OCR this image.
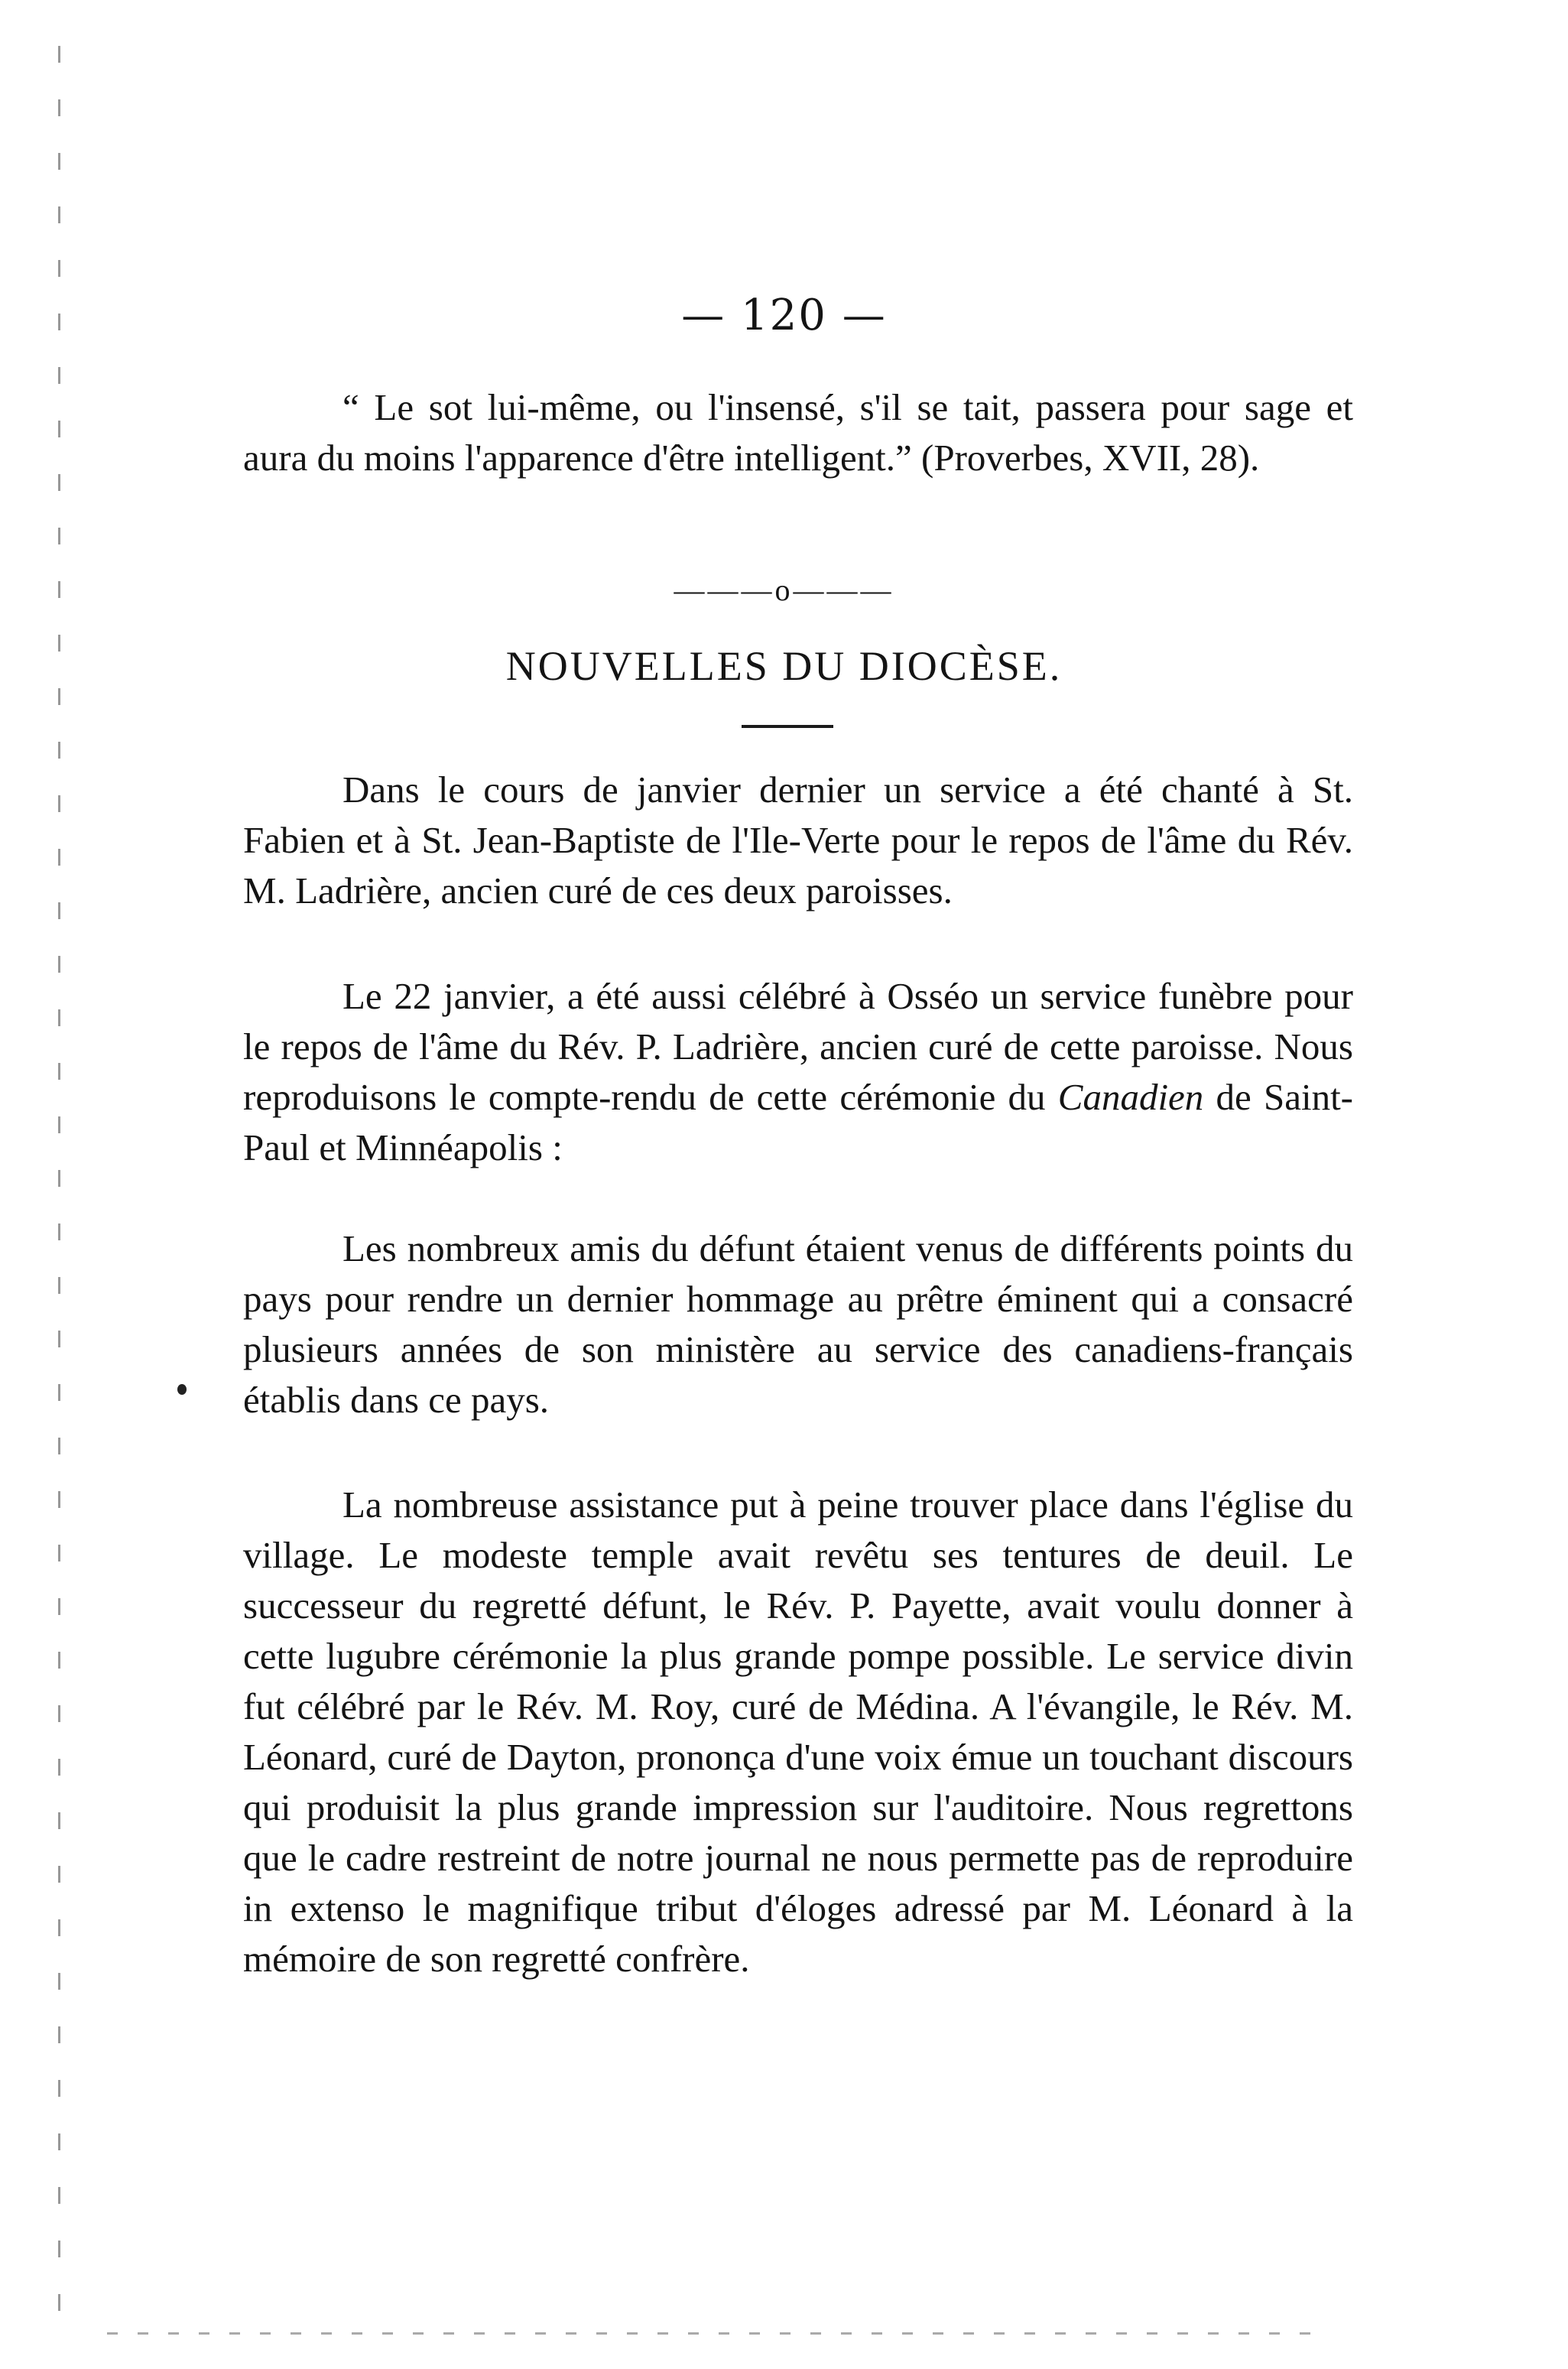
— 120 —

“ Le sot lui-même, ou l'insensé, s'il se tait, passera pour sage et aura du moins l'apparence d'être intelligent.” (Proverbes, XVII, 28).

———o———
NOUVELLES DU DIOCÈSE.

Dans le cours de janvier dernier un service a été chanté à St. Fabien et à St. Jean-Baptiste de l'Ile-Verte pour le repos de l'âme du Rév. M. Ladrière, ancien curé de ces deux paroisses.

Le 22 janvier, a été aussi célébré à Osséo un service funèbre pour le repos de l'âme du Rév. P. Ladrière, ancien curé de cette paroisse. Nous reproduisons le compte-rendu de cette cérémonie du Canadien de Saint-Paul et Minnéapolis :

Les nombreux amis du défunt étaient venus de différents points du pays pour rendre un dernier hommage au prêtre éminent qui a consacré plusieurs années de son ministère au service des canadiens-français établis dans ce pays.

La nombreuse assistance put à peine trouver place dans l'église du village. Le modeste temple avait revêtu ses tentures de deuil. Le successeur du regretté défunt, le Rév. P. Payette, avait voulu donner à cette lugubre cérémonie la plus grande pompe possible. Le service divin fut célébré par le Rév. M. Roy, curé de Médina. A l'évangile, le Rév. M. Léonard, curé de Dayton, prononça d'une voix émue un touchant discours qui produisit la plus grande impression sur l'auditoire. Nous regrettons que le cadre restreint de notre journal ne nous permette pas de reproduire in extenso le magnifique tribut d'éloges adressé par M. Léonard à la mémoire de son regretté confrère.
